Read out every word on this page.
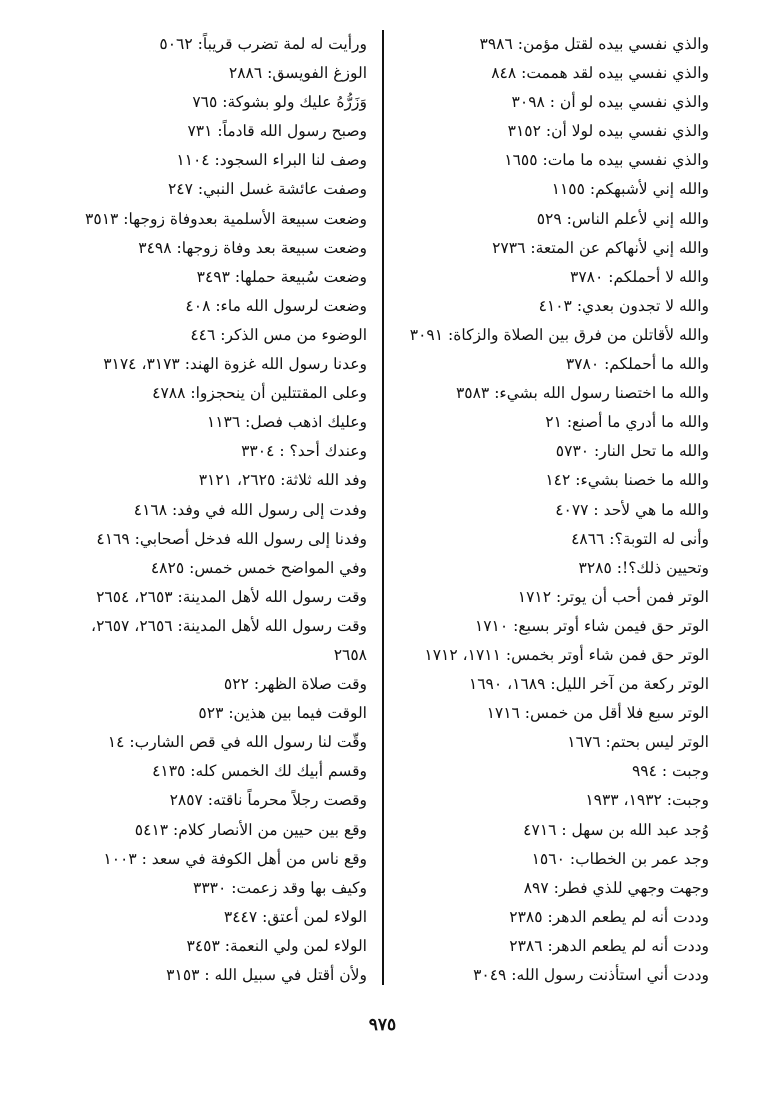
والذي نفسي بيده لقتل مؤمن: ٣٩٨٦
والذي نفسي بيده لقد هممت: ٨٤٨
والذي نفسي بيده لو أن : ٣٠٩٨
والذي نفسي بيده لولا أن: ٣١٥٢
والذي نفسي بيده ما مات: ١٦٥٥
والله إني لأشبهكم: ١١٥٥
والله إني لأعلم الناس: ٥٢٩
والله إني لأنهاكم عن المتعة: ٢٧٣٦
والله لا أحملكم: ٣٧٨٠
والله لا تجدون بعدي: ٤١٠٣
والله لأقاتلن من فرق بين الصلاة والزكاة: ٣٠٩١
والله ما أحملكم: ٣٧٨٠
والله ما اختصنا رسول الله بشيء: ٣٥٨٣
والله ما أدري ما أصنع: ٢١
والله ما تحل النار: ٥٧٣٠
والله ما خصنا بشيء: ١٤٢
والله ما هي لأحد : ٤٠٧٧
وأنى له التوبة؟: ٤٨٦٦
وتحيين ذلك؟!: ٣٢٨٥
الوتر فمن أحب أن يوتر: ١٧١٢
الوتر حق فيمن شاء أوتر بسبع: ١٧١٠
الوتر حق فمن شاء أوتر بخمس: ١٧١١، ١٧١٢
الوتر ركعة من آخر الليل: ١٦٨٩، ١٦٩٠
الوتر سبع فلا أقل من خمس: ١٧١٦
الوتر ليس بحتم: ١٦٧٦
وجبت : ٩٩٤
وجبت: ١٩٣٢، ١٩٣٣
وُجد عبد الله بن سهل : ٤٧١٦
وجد عمر بن الخطاب: ١٥٦٠
وجهت وجهي للذي فطر: ٨٩٧
وددت أنه لم يطعم الدهر: ٢٣٨٥
وددت أنه لم يطعم الدهر: ٢٣٨٦
وددت أني استأذنت رسول الله: ٣٠٤٩
ورأيت له لمة تضرب قريباً: ٥٠٦٢
الوزغ الفويسق: ٢٨٨٦
وَزَرُّهُ عليك ولو بشوكة: ٧٦٥
وصبح رسول الله قادماً: ٧٣١
وصف لنا البراء السجود: ١١٠٤
وصفت عائشة غسل النبي: ٢٤٧
وضعت سبيعة الأسلمية بعدوفاة زوجها: ٣٥١٣
وضعت سبيعة بعد وفاة زوجها: ٣٤٩٨
وضعت سُبيعة حملها: ٣٤٩٣
وضعت لرسول الله ماء: ٤٠٨
الوضوء من مس الذكر: ٤٤٦
وعدنا رسول الله غزوة الهند: ٣١٧٣، ٣١٧٤
وعلى المقتتلين أن ينحجزوا: ٤٧٨٨
وعليك اذهب فصل: ١١٣٦
وعندك أحد؟ : ٣٣٠٤
وفد الله ثلاثة: ٢٦٢٥، ٣١٢١
وفدت إلى رسول الله في وفد: ٤١٦٨
وفدنا إلى رسول الله فدخل أصحابي: ٤١٦٩
وفي المواضح خمس خمس: ٤٨٢٥
وقت رسول الله لأهل المدينة: ٢٦٥٣، ٢٦٥٤
وقت رسول الله لأهل المدينة: ٢٦٥٦، ٢٦٥٧،
٢٦٥٨
وقت صلاة الظهر: ٥٢٢
الوقت فيما بين هذين: ٥٢٣
وقّت لنا رسول الله في قص الشارب: ١٤
وقسم أبيك لك الخمس كله: ٤١٣٥
وقصت رجلاً محرماً ناقته: ٢٨٥٧
وقع بين حيين من الأنصار كلام: ٥٤١٣
وقع ناس من أهل الكوفة في سعد : ١٠٠٣
وكيف بها وقد زعمت: ٣٣٣٠
الولاء لمن أعتق: ٣٤٤٧
الولاء لمن ولي النعمة: ٣٤٥٣
ولأن أقتل في سبيل الله : ٣١٥٣
٩٧٥
